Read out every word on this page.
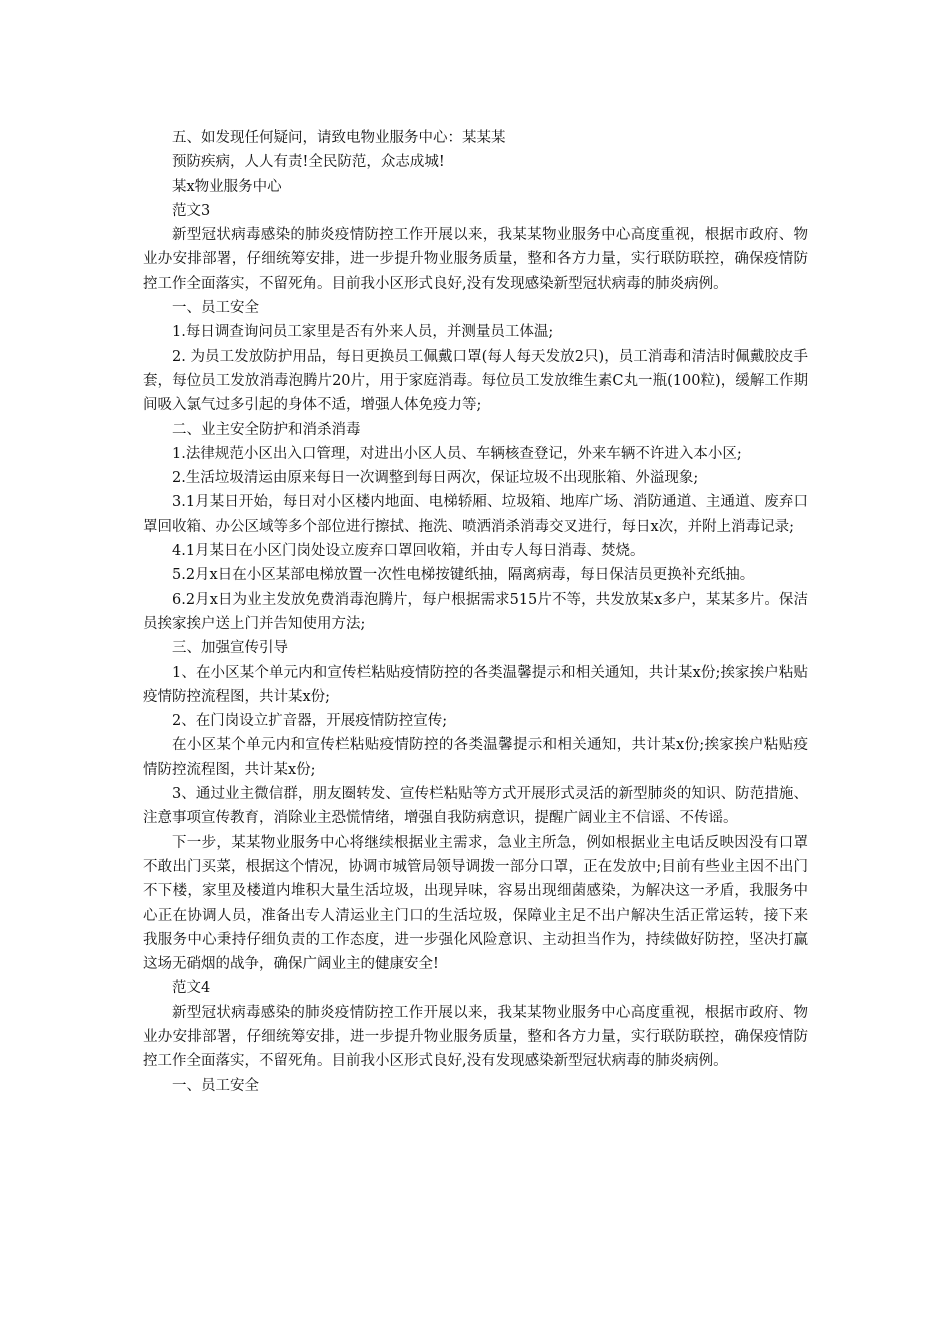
五、如发现任何疑问，请致电物业服务中心：某某某

预防疾病，人人有责!全民防范，众志成城!

某x物业服务中心

范文3

新型冠状病毒感染的肺炎疫情防控工作开展以来，我某某物业服务中心高度重视，根据市政府、物业办安排部署，仔细统筹安排，进一步提升物业服务质量，整和各方力量，实行联防联控，确保疫情防控工作全面落实，不留死角。目前我小区形式良好,没有发现感染新型冠状病毒的肺炎病例。

一、员工安全

1.每日调查询问员工家里是否有外来人员，并测量员工体温;

2. 为员工发放防护用品，每日更换员工佩戴口罩(每人每天发放2只)，员工消毒和清洁时佩戴胶皮手套，每位员工发放消毒泡腾片20片，用于家庭消毒。每位员工发放维生素C丸一瓶(100粒)，缓解工作期间吸入氯气过多引起的身体不适，增强人体免疫力等;

二、业主安全防护和消杀消毒

1.法律规范小区出入口管理，对进出小区人员、车辆核查登记，外来车辆不许进入本小区;

2.生活垃圾清运由原来每日一次调整到每日两次，保证垃圾不出现胀箱、外溢现象;

3.1月某日开始，每日对小区楼内地面、电梯轿厢、垃圾箱、地库广场、消防通道、主通道、废弃口罩回收箱、办公区域等多个部位进行擦拭、拖洗、喷洒消杀消毒交叉进行，每日x次，并附上消毒记录;

4.1月某日在小区门岗处设立废弃口罩回收箱，并由专人每日消毒、焚烧。

5.2月x日在小区某部电梯放置一次性电梯按键纸抽，隔离病毒，每日保洁员更换补充纸抽。

6.2月x日为业主发放免费消毒泡腾片，每户根据需求515片不等，共发放某x多户，某某多片。保洁员挨家挨户送上门并告知使用方法;

三、加强宣传引导

1、在小区某个单元内和宣传栏粘贴疫情防控的各类温馨提示和相关通知，共计某x份;挨家挨户粘贴疫情防控流程图，共计某x份;

2、在门岗设立扩音器，开展疫情防控宣传;

在小区某个单元内和宣传栏粘贴疫情防控的各类温馨提示和相关通知，共计某x份;挨家挨户粘贴疫情防控流程图，共计某x份;

3、通过业主微信群，朋友圈转发、宣传栏粘贴等方式开展形式灵活的新型肺炎的知识、防范措施、注意事项宣传教育，消除业主恐慌情绪，增强自我防病意识，提醒广阔业主不信谣、不传谣。

下一步，某某物业服务中心将继续根据业主需求，急业主所急，例如根据业主电话反映因没有口罩不敢出门买菜，根据这个情况，协调市城管局领导调拨一部分口罩，正在发放中;目前有些业主因不出门不下楼，家里及楼道内堆积大量生活垃圾，出现异味，容易出现细菌感染，为解决这一矛盾，我服务中心正在协调人员，准备出专人清运业主门口的生活垃圾，保障业主足不出户解决生活正常运转，接下来我服务中心秉持仔细负责的工作态度，进一步强化风险意识、主动担当作为，持续做好防控，坚决打赢这场无硝烟的战争，确保广阔业主的健康安全!

范文4

新型冠状病毒感染的肺炎疫情防控工作开展以来，我某某物业服务中心高度重视，根据市政府、物业办安排部署，仔细统筹安排，进一步提升物业服务质量，整和各方力量，实行联防联控，确保疫情防控工作全面落实，不留死角。目前我小区形式良好,没有发现感染新型冠状病毒的肺炎病例。

一、员工安全
